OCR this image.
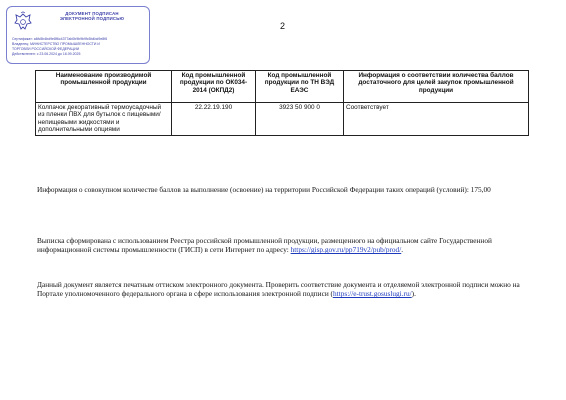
ДОКУМЕНТ ПОДПИСАН
ЭЛЕКТРОННОЙ ПОДПИСЬЮ
Сертификат: a6fc5b4bd9e8f6c4377ab0b9b9b9fc5b4bd9e8f6
Владелец: МИНИСТЕРСТВО ПРОМЫШЛЕННОСТИ И
ТОРГОВЛИ РОССИЙСКОЙ ФЕДЕРАЦИИ
Действителен: с 23.06.2024 до 16.09.2025
2
Наименование производимой промышленной продукции	Код промышленной продукции по ОК034-2014 (ОКПД2)	Код промышленной продукции по ТН ВЭД ЕАЭС	Информация о соответствии количества баллов достаточного для целей закупок промышленной продукции
Колпачок декоративный термоусадочный из пленки ПВХ для бутылок с пищевыми/непищевыми жидкостями и дополнительными опциями	22.22.19.190	3923 50 900 0	Соответствует
Информация о совокупном количестве баллов за выполнение (освоение) на территории Российской Федерации таких операций (условий): 175,00
Выписка сформирована с использованием Реестра российской промышленной продукции, размещенного на официальном сайте Государственной информационной системы промышленности (ГИСП) в сети Интернет по адресу: https://gisp.gov.ru/pp719v2/pub/prod/.
Данный документ является печатным оттиском электронного документа. Проверить соответствие документа и отделяемой электронной подписи можно на Портале уполномоченного федерального органа в сфере использования электронной подписи (https://e-trust.gosuslugi.ru/).
